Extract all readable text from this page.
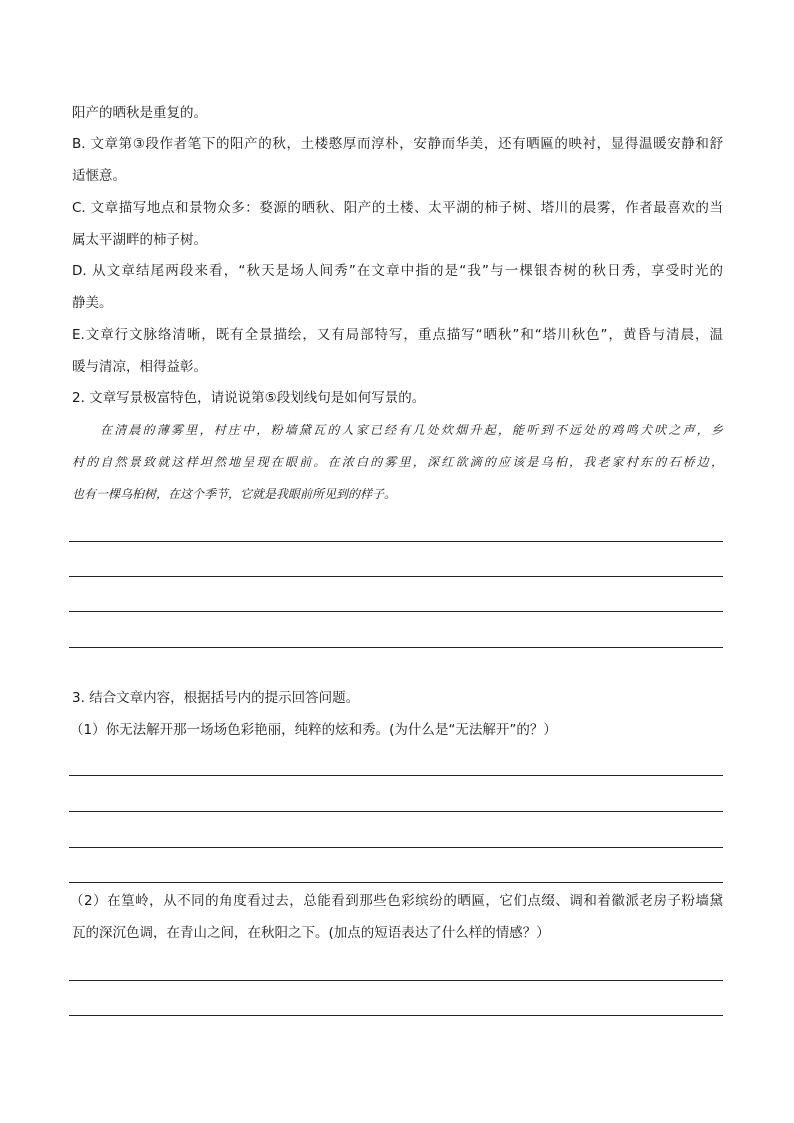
阳产的晒秋是重复的。
B. 文章第③段作者笔下的阳产的秋，土楼憨厚而淳朴，安静而华美，还有晒匾的映衬，显得温暖安静和舒
适惬意。
C. 文章描写地点和景物众多：婺源的晒秋、阳产的土楼、太平湖的柿子树、塔川的晨雾，作者最喜欢的当
属太平湖畔的柿子树。
D. 从文章结尾两段来看，“秋天是场人间秀”在文章中指的是“我”与一棵银杏树的秋日秀，享受时光的
静美。
E.文章行文脉络清晰，既有全景描绘，又有局部特写，重点描写“晒秋”和“塔川秋色”，黄昏与清晨，温
暖与清凉，相得益彰。
2. 文章写景极富特色，请说说第⑤段划线句是如何写景的。
在清晨的薄雾里，村庄中，粉墙黛瓦的人家已经有几处炊烟升起，能听到不远处的鸡鸣犬吠之声，乡
村的自然景致就这样坦然地呈现在眼前。在浓白的雾里，深红欲滴的应该是乌桕，我老家村东的石桥边，
也有一棵乌桕树，在这个季节，它就是我眼前所见到的样子。
3. 结合文章内容，根据括号内的提示回答问题。
（1）你无法解开那一场场色彩艳丽，纯粹的炫和秀。(为什么是“无法解开”的？）
（2）在篁岭，从不同的角度看过去，总能看到那些色彩缤纷的晒匾，它们点缀、调和着徽派老房子粉墙黛
瓦的深沉色调，在青山之间，在秋阳之下。(加点的短语表达了什么样的情感？）
